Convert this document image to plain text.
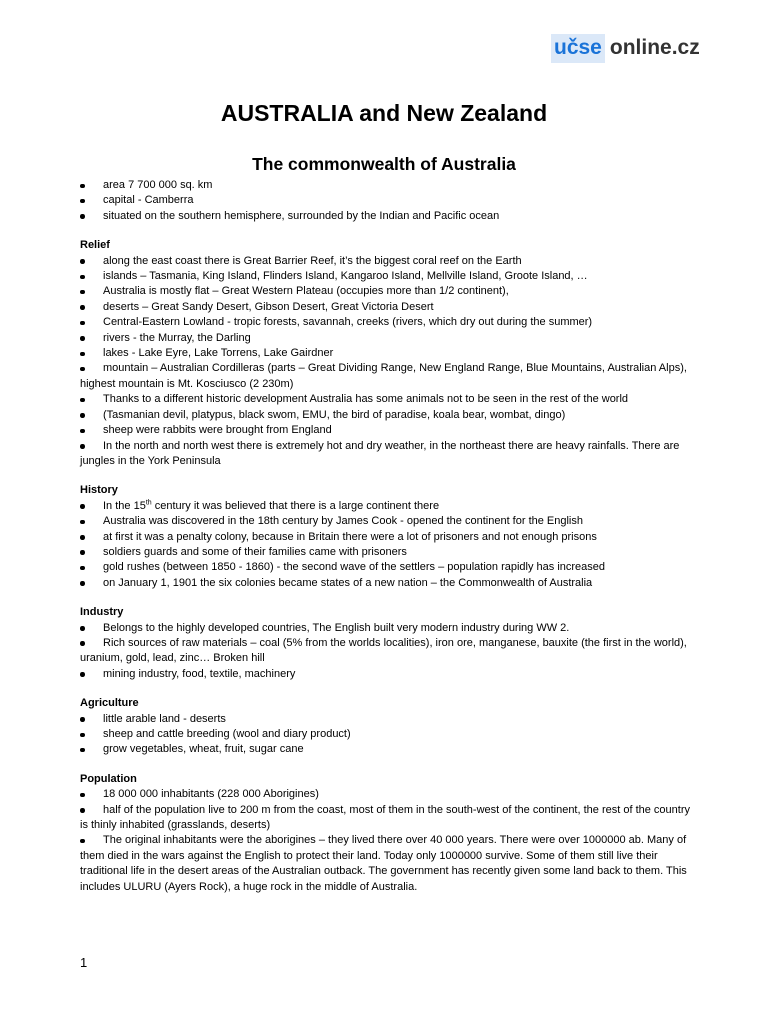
učse online.cz
AUSTRALIA and New Zealand
The commonwealth of Australia
area 7 700 000 sq. km
capital - Camberra
situated on the southern hemisphere, surrounded by the Indian and Pacific ocean
Relief
along the east coast there is Great Barrier Reef, it’s the biggest coral reef on the Earth
islands – Tasmania, King Island, Flinders Island, Kangaroo Island, Mellville Island, Groote Island, …
Australia is mostly flat – Great Western Plateau (occupies more than 1/2 continent),
deserts – Great Sandy Desert, Gibson Desert, Great Victoria Desert
Central-Eastern Lowland - tropic forests, savannah, creeks (rivers, which dry out during the summer)
rivers - the Murray, the Darling
lakes - Lake Eyre, Lake Torrens, Lake Gairdner
mountain – Australian Cordilleras (parts – Great Dividing Range, New England Range, Blue Mountains, Australian Alps), highest mountain is Mt. Kosciusco (2 230m)
Thanks to a different historic development Australia has some animals not to be seen in the rest of the world
(Tasmanian devil, platypus, black swom, EMU, the bird of paradise, koala bear, wombat, dingo)
sheep were rabbits were brought from England
In the north and north west there is extremely hot and dry weather, in the northeast there are heavy rainfalls. There are jungles in the York Peninsula
History
In the 15th century it was believed that there is a large continent there
Australia was discovered in the 18th century by James Cook - opened the continent for the English
at first it was a penalty colony, because in Britain there were a lot of prisoners and not enough prisons
soldiers guards and some of their families came with prisoners
gold rushes (between 1850 - 1860) - the second wave of the settlers – population rapidly has increased
on January 1, 1901 the six colonies became states of a new nation – the Commonwealth of Australia
Industry
Belongs to the highly developed countries, The English built very modern industry during WW 2.
Rich sources of raw materials – coal (5% from the worlds localities), iron ore, manganese, bauxite (the first in the world), uranium, gold, lead, zinc… Broken hill
mining industry, food, textile, machinery
Agriculture
little arable land - deserts
sheep and cattle breeding (wool and diary product)
grow vegetables, wheat, fruit, sugar cane
Population
18 000 000 inhabitants (228 000 Aborigines)
half of the population live to 200 m from the coast, most of them in the south-west of the continent, the rest of the country is thinly inhabited (grasslands, deserts)
The original inhabitants were the aborigines – they lived there over 40 000 years. There were over 1000000 ab. Many of them died in the wars against the English to protect their land. Today only 1000000 survive. Some of them still live their traditional life in the desert areas of the Australian outback. The government has recently given some land back to them. This includes ULURU (Ayers Rock), a huge rock in the middle of Australia.
1
